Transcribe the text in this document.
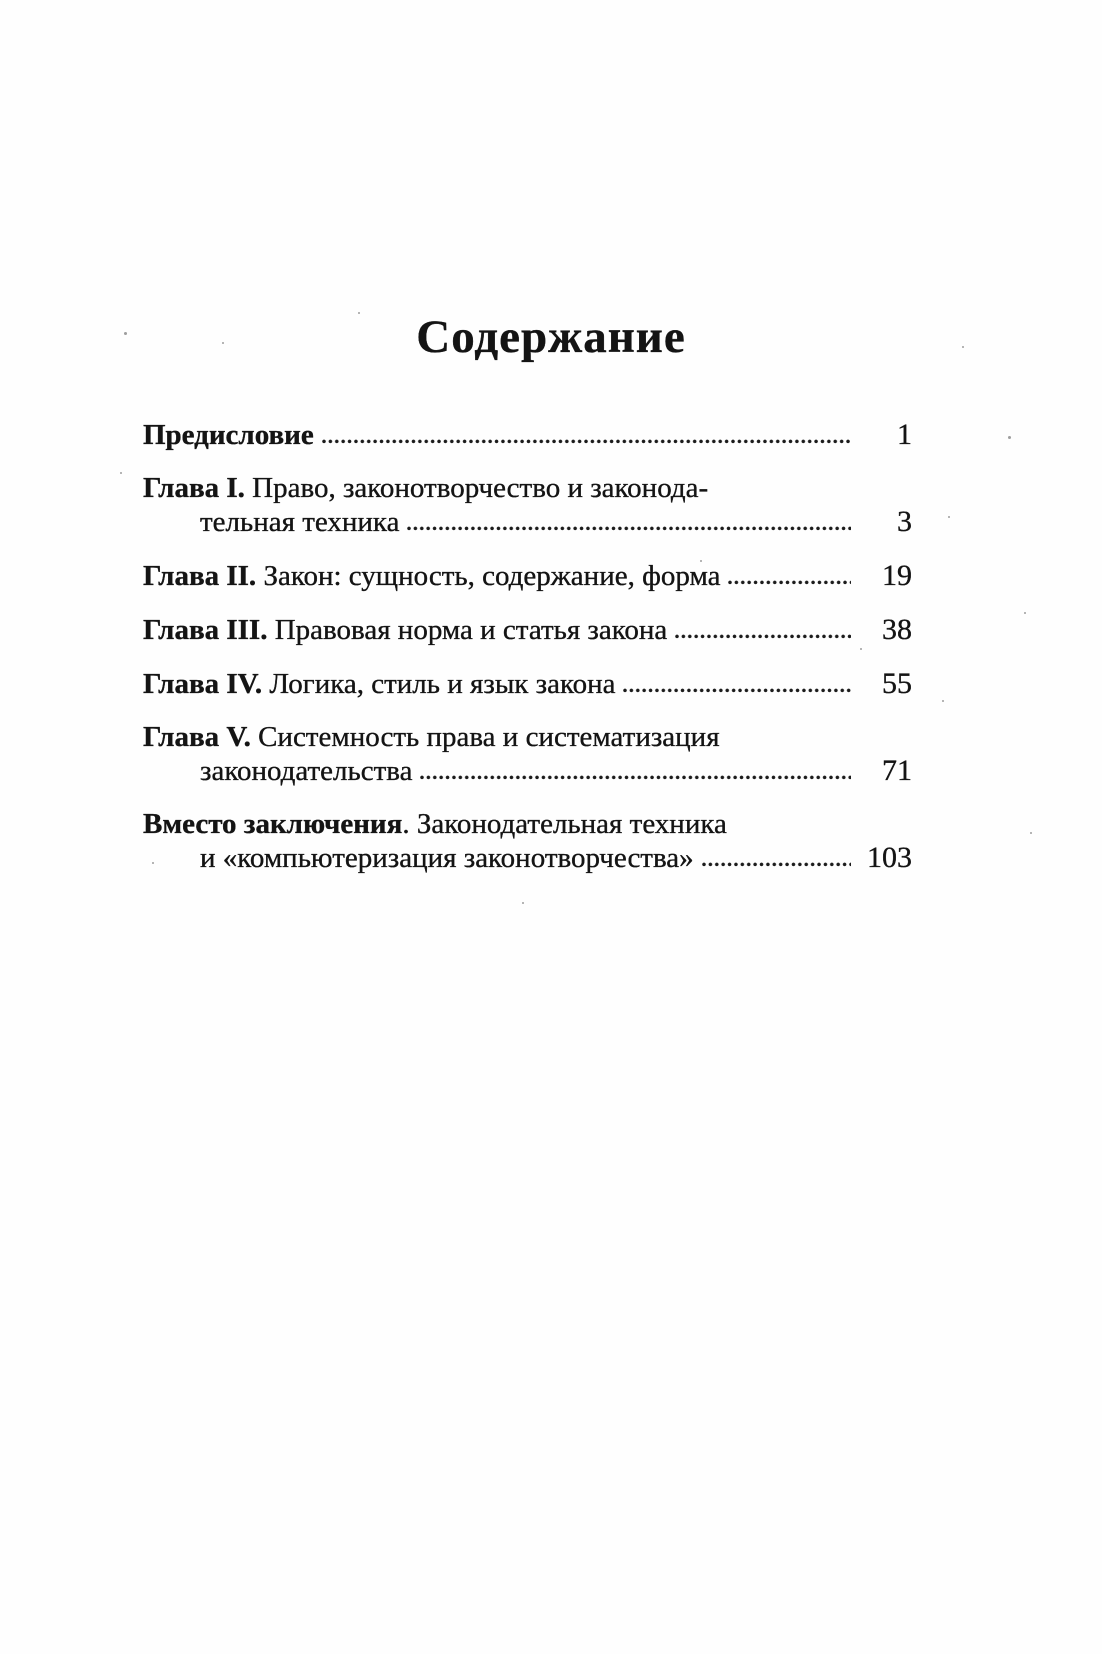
Содержание
Предисловие	1
Глава I. Право, законотворчество и законода-
тельная техника	3
Глава II. Закон: сущность, содержание, форма	19
Глава III. Правовая норма и статья закона	38
Глава IV. Логика, стиль и язык закона	55
Глава V. Системность права и систематизация
законодательства	71
Вместо заключения. Законодательная техника
и «компьютеризация законотворчества»	103
